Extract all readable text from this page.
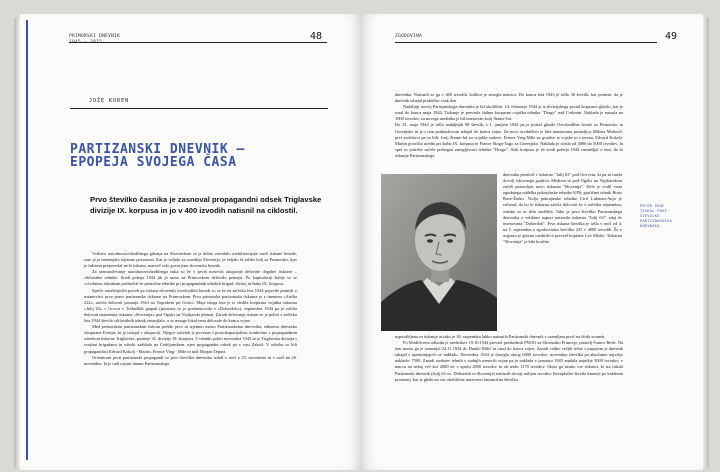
PRIMORSKI DNEVNIK	48
JOŽE KOREN
PARTIZANSKI DNEVNIK –
EPOPEJA SVOJEGA ČASA
Prvo števiIko časnika je zasnoval propagandni odsek Triglavske divizije IX. korpusa in jo v 400 izvodih natisnil na ciklostil.

Vodstvo narodnoosvobodilnega gibanja na Slovenskem se je dobro zavedalo mobilizacijske moči tiskane besede, zato je je namenjalo izjemno pozornost. Kar je veljalo za osrednjo Slovenijo, je veljalo še toliko bolj za Primorsko, kjer je fašizem prepovedal ne le tiskano, marveč celo govorjeno slovensko besedo.

Za razmnoževanje narodnoosvobodilnega tiska so že v prvih mesecih okupacije delovale ilegalne tiskarne – ciklostilne tehnike. Sredi poletja 1944 jih je samo na Primorskem delovalo petnajst. Po kapitulaciji Italije so se »civilnim« tehnikam pridružile še premične tehnike pri propagandnih odsekih brigad, divizij in štaba IX. korpusa.

Spričo naraščajočih potreb po tiskani slovenski osvobodilni besedi so se že na začetku leta 1944 pojavile pomisli o ustanovitvi prve prave partizanske tiskarne na Primorskem. Prva primorska partizanska tiskarna je z imenom »Ančka 222«, začela delovati januarja 1944 na Vogrskem pri Gorici. Maja istega leta je iz sledila korpusna vojaška tiskarna »Julij 63« v Govcu v Trebuških grapah (poznana se je preimenovala v »Doberdob«), septembra 1944 pa je začela delovati znamenita tiskarna »Slovenija« pod Ogalci na Vojskarski planoti. Zaradi delovanja tiskarn se je pobiti v začetku leta 1944 število ciklostilnih tehnik zmanjšalo, a so mnoge lokal-tenu delovale do konca vojne.

Med primorskim partizanskim tiskom prešde prvo in izjemno mesto Partizanskemu dnevniku, edinemu dnevniku okupirane Evrope, ki je izhajal v okupaciji. Njegov začetek je povezan s protiokupacijskim, konkretno s propagandnim odsekom tiskarne Triglavske, pozneje 31. divizije IX. korpusa. V tehniki poleti novembra 1943 se je Triglavska divizija s svojimi brigadami in odseki zadržala na Cerkljanskem, njen propagandni odsek pa v vasi Zakriž. V odseku so bili propagandisti Edvard Kokolj - Martin, France Ving - Mile in tudi Marjan Tepina.

Orientirani proti partizanski propagandi so prvo številko dnevnika izdali v noči z 25. novembra in v noči na 26. november, ki je tudi rojstni datum Partizanskega

ZGODOVINA	49

dnevnika. Natisnili so ga v 400 izvodih, kolikor je zmogla matrica. Do konca leta 1943 je izšlo 36 številk, kar pomeni, da je dnevnik izhajal praktično vsak dan.

Nadaljnji razvoj Partizanskega dnevnika je bil okoliščin. 14. februarja 1944 je iz divizijskega postal korpusno glasilo, kar je ostal do konca maja 1944. Tiskanje je prevzela štabna korpusna vojaška tehnika "Drago" nad Cerknim. Naklada je narasla na 1000 izvodov, za novega urednika je bil imenovan Jurij Štante-Jul.

Do 31. maja 1944 je izšlo nadaljnjih 98 številk, s 1. junijem 1944 pa je postal glasilo Osvobodilne fronte za Primorsko in Gorenjsko in je s tem podnaslovom izhajal do konca vojne. Za novo uredništvo je bila imenovana pisateljica Milena Mohorič, prvi sodelavci pa so bili: Jurij Štante-Jul za vojaške zadeve, France Vreg-Mile za gradivo iz vojske in s terena, Edvard Kokolj-Martin poročila uredbi pri štabu IX. korpusa in France Sloga-Tugo za Gorenjsko. Naklada je zrasla od 4000 do 5000 izvodov. In spet so potrebe začele presegati zmogljivosti tehnike "Drago". Štab korpusa je že sredi poletja 1944 razmišljal o tem, da bi tiskanje Partizanskega

dnevnika prenesli v tiskarno "Julij 63" pod Govcem, ki pa ni imela dovolj črkovnega gradiva. Medtem se pod Ogalci na Vojskarskem začeli postavljati novo tiskarno "Slovenija". Delo je vodil vrsta zgodnjega oddelka pokrajinske tehnike KPS, grafičnei tehnik Boris Race-Žarko. Vodja pokrajinske tehnike Ciril Lukman-Anjo je računal, da bo le tiskarna začela delovati že v začetku septembra, vendar so se dela zavlekla. Tako je prvo številko Partizanskega dnevnika z velikimi napori natisnila tiskarna "Julij 63", zdaj že imenovana "Doberdob". Prva tiskana številka je izšla v noči od 4. na 5. septembra z zgodovinsko številko 235 v 4000 izvodih. Že v avgustu je glavno uredništvo prevzel kopiator Lev Modic. Tiskarna "Slovenija" je bila končno

usposobljena za tiskanje in tako je 18. septembra lahko natisnila Partizanski dnevnik z ozemljem prvič na štirih straneh.

Po Modičevem odhodu je urednikov 19.10.1944 prevzel predsednik PNOO za Slovensko Primorje, pisatelj France Bevk. Na tem mestu ga je zamenjal 24.11.1944 dr. Danilo Milič in ostal do konca vojne. Zaradi vedno večjih težav s papirjem je dnevnik izhajal s spreminjajočo se naklado. Decembra 1944 je dosegla okrog 6000 izvodov; novembra številka pa absolutno najvišjo naklado: 7500. Zaradi sredstev tehnik v zadnjih mesecih vojne pa je naklada v januarju 1945 znašala najnižje 5000 izvodov, v marcu na nekaj več kot 2000 ter v aprilu 2800 izvodov in ob izidu 1170 izvodov. Skozi ga nismo vse tiskarni, ki sta tiskali Partizanski dnevnik (Julij 63 oz. Doberdob in Slovenija) natisnili skoraj milijon izvodov (brezplačno števila kasneje po kakšnem prostem), kar je glede na vse okoliščine naravnost fantastična številka.

PETER ŠKOF. TISKAL PRVE ŠTEVILKE PARTIZANSKEGA DNEVNIKA
